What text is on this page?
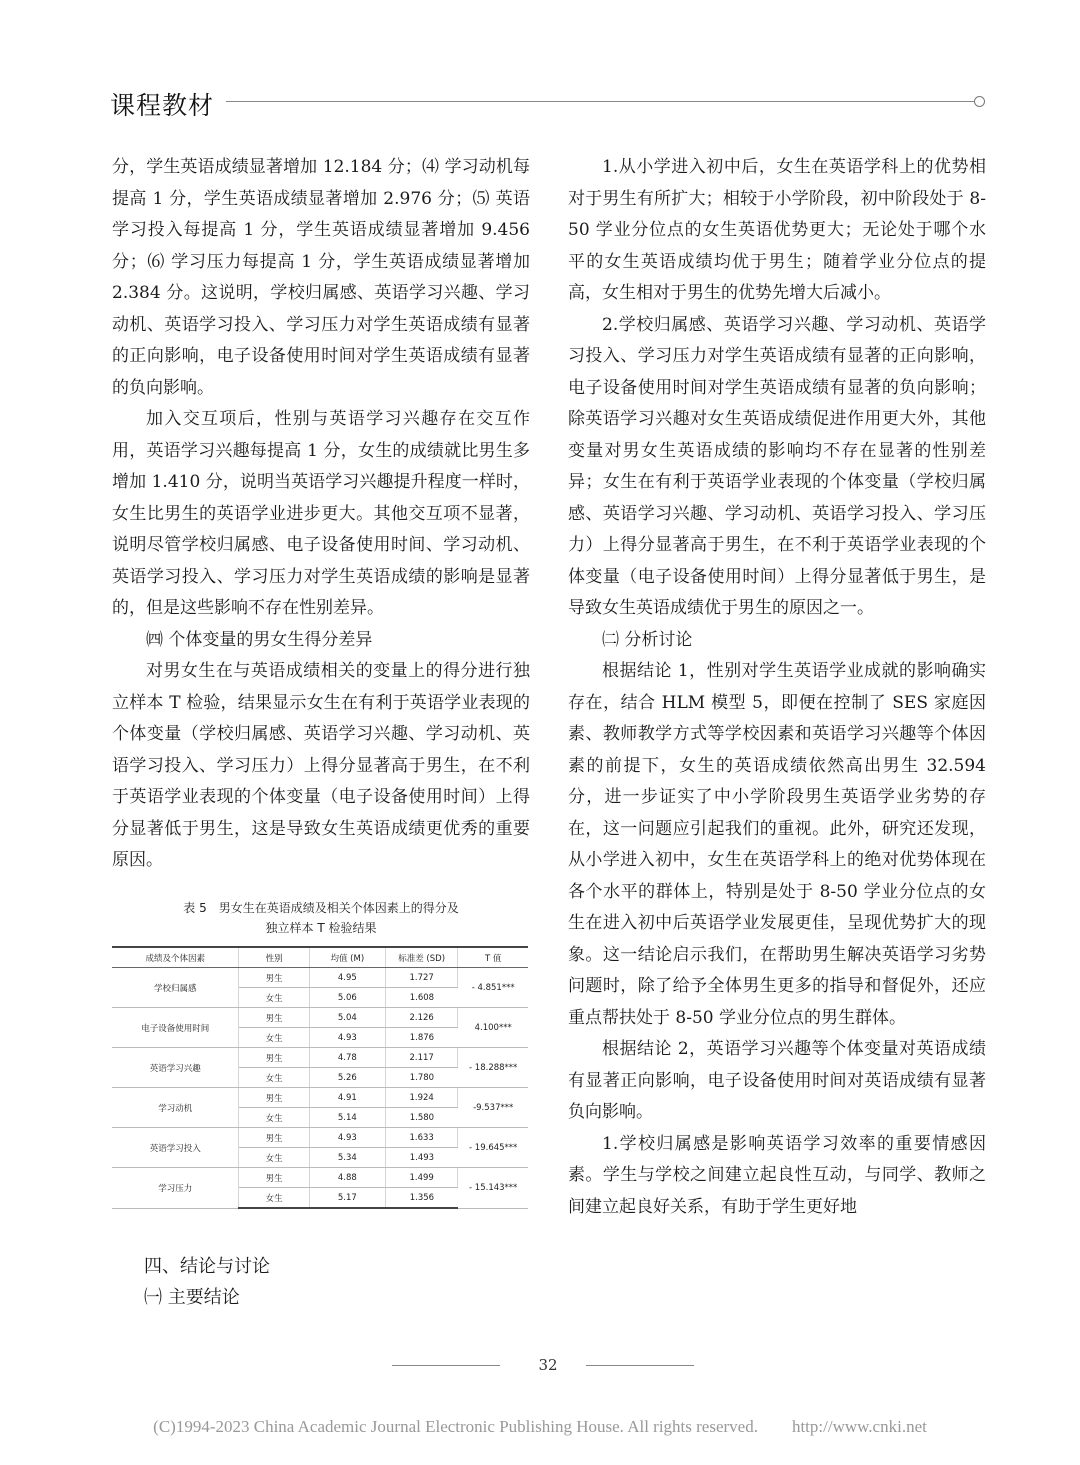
课程教材

分，学生英语成绩显著增加 12.184 分；⑷ 学习动机每提高 1 分，学生英语成绩显著增加 2.976 分；⑸ 英语学习投入每提高 1 分，学生英语成绩显著增加 9.456 分；⑹ 学习压力每提高 1 分，学生英语成绩显著增加 2.384 分。这说明，学校归属感、英语学习兴趣、学习动机、英语学习投入、学习压力对学生英语成绩有显著的正向影响，电子设备使用时间对学生英语成绩有显著的负向影响。

加入交互项后，性别与英语学习兴趣存在交互作用，英语学习兴趣每提高 1 分，女生的成绩就比男生多增加 1.410 分，说明当英语学习兴趣提升程度一样时，女生比男生的英语学业进步更大。其他交互项不显著，说明尽管学校归属感、电子设备使用时间、学习动机、英语学习投入、学习压力对学生英语成绩的影响是显著的，但是这些影响不存在性别差异。

㈣ 个体变量的男女生得分差异

对男女生在与英语成绩相关的变量上的得分进行独立样本 T 检验，结果显示女生在有利于英语学业表现的个体变量（学校归属感、英语学习兴趣、学习动机、英语学习投入、学习压力）上得分显著高于男生，在不利于英语学业表现的个体变量（电子设备使用时间）上得分显著低于男生，这是导致女生英语成绩更优秀的重要原因。

表 5　男女生在英语成绩及相关个体因素上的得分及
独立样本 T 检验结果
成绩及个体因素	性别	均值 (M)	标准差 (SD)	T 值
学校归属感	男生	4.95	1.727	- 4.851***
	女生	5.06	1.608	
电子设备使用时间	男生	5.04	2.126	4.100***
	女生	4.93	1.876	
英语学习兴趣	男生	4.78	2.117	- 18.288***
	女生	5.26	1.780	
学习动机	男生	4.91	1.924	-9.537***
	女生	5.14	1.580	
英语学习投入	男生	4.93	1.633	- 19.645***
	女生	5.34	1.493	
学习压力	男生	4.88	1.499	- 15.143***
	女生	5.17	1.356	
四、结论与讨论
㈠ 主要结论

1.从小学进入初中后，女生在英语学科上的优势相对于男生有所扩大；相较于小学阶段，初中阶段处于 8-50 学业分位点的女生英语优势更大；无论处于哪个水平的女生英语成绩均优于男生；随着学业分位点的提高，女生相对于男生的优势先增大后减小。

2.学校归属感、英语学习兴趣、学习动机、英语学习投入、学习压力对学生英语成绩有显著的正向影响，电子设备使用时间对学生英语成绩有显著的负向影响；除英语学习兴趣对女生英语成绩促进作用更大外，其他变量对男女生英语成绩的影响均不存在显著的性别差异；女生在有利于英语学业表现的个体变量（学校归属感、英语学习兴趣、学习动机、英语学习投入、学习压力）上得分显著高于男生，在不利于英语学业表现的个体变量（电子设备使用时间）上得分显著低于男生，是导致女生英语成绩优于男生的原因之一。

㈡ 分析讨论

根据结论 1，性别对学生英语学业成就的影响确实存在，结合 HLM 模型 5，即便在控制了 SES 家庭因素、教师教学方式等学校因素和英语学习兴趣等个体因素的前提下，女生的英语成绩依然高出男生 32.594 分，进一步证实了中小学阶段男生英语学业劣势的存在，这一问题应引起我们的重视。此外，研究还发现，从小学进入初中，女生在英语学科上的绝对优势体现在各个水平的群体上，特别是处于 8-50 学业分位点的女生在进入初中后英语学业发展更佳，呈现优势扩大的现象。这一结论启示我们，在帮助男生解决英语学习劣势问题时，除了给予全体男生更多的指导和督促外，还应重点帮扶处于 8-50 学业分位点的男生群体。

根据结论 2，英语学习兴趣等个体变量对英语成绩有显著正向影响，电子设备使用时间对英语成绩有显著负向影响。

1.学校归属感是影响英语学习效率的重要情感因素。学生与学校之间建立起良性互动，与同学、教师之间建立起良好关系，有助于学生更好地

32
(C)1994-2023 China Academic Journal Electronic Publishing House. All rights reserved.　　http://www.cnki.net
